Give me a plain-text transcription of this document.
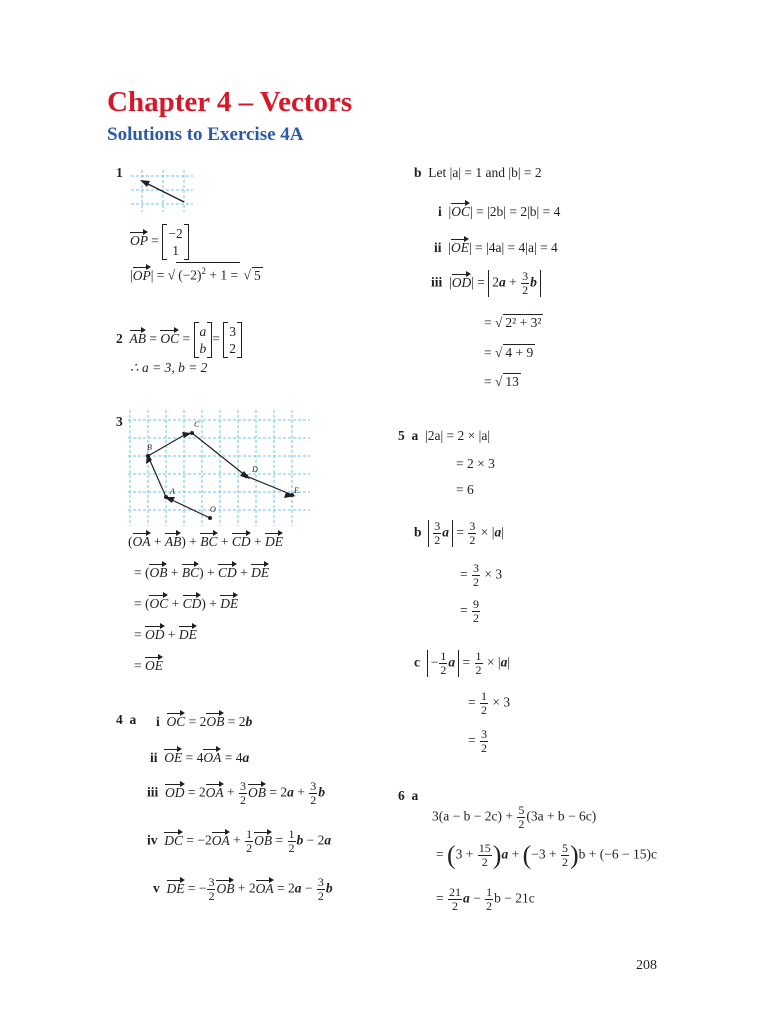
Chapter 4 – Vectors
Solutions to Exercise 4A
1
OP = −2
1
|OP| = √ $(-2)^2 + 1$ = √ 5
2 AB = OC = a
b= 3
2
∴ a = 3, b = 2
3	C
B
D
A	E
O
(OA + AB) + BC + CD + DE
= (OB + BC) + CD + DE
= (OC + CD) + DE
= OD + DE
= OE
4 a i OC = 2OB = 2b
ii OE = 4OA = 4a
iii OD = $2OA + \frac{3}{2}$ OB = $2a + \frac{3}{2}$ b
iv DC = $-2OA + \frac{1}{2}$ OB = $\frac{1}{2}$ b − 2a
v DE = − $\frac{3}{2}$ OB + $2OA = 2a - \frac{3}{2}$ b
b Let |a| = 1 and |b| = 2
i  |OC| = |2b| = 2|b| = 4
ii  |OE| = |4a| = 4|a| = 4
iii  $|OD| = 2a + \frac{3}{2}$ b
= √ 2² + 3²
= √ 4 + 9
= √ 13
5 a |2a| = 2 × |a|
= 2 × 3
= 6
b $\frac{3}{2}$ $a = \frac{3}{2} \times |a|$
= $\frac{3}{2} \times 3$
= $\frac{9}{2}$
$c - \frac{1}{2}$ $a = \frac{1}{2} \times |a|$
= $\frac{1}{2} \times 3$
= $\frac{3}{2}$
6 a
$3(a - b - 2c) + \frac{5}{2} (3a + b - 6c)$
= $(3 + \frac{15}{2} )a + (-3 + \frac{5}{2} )b + (-6 - 15)c$
= $\frac{21}{2}$ $a - \frac{1}{2}$ b − 21c
208
